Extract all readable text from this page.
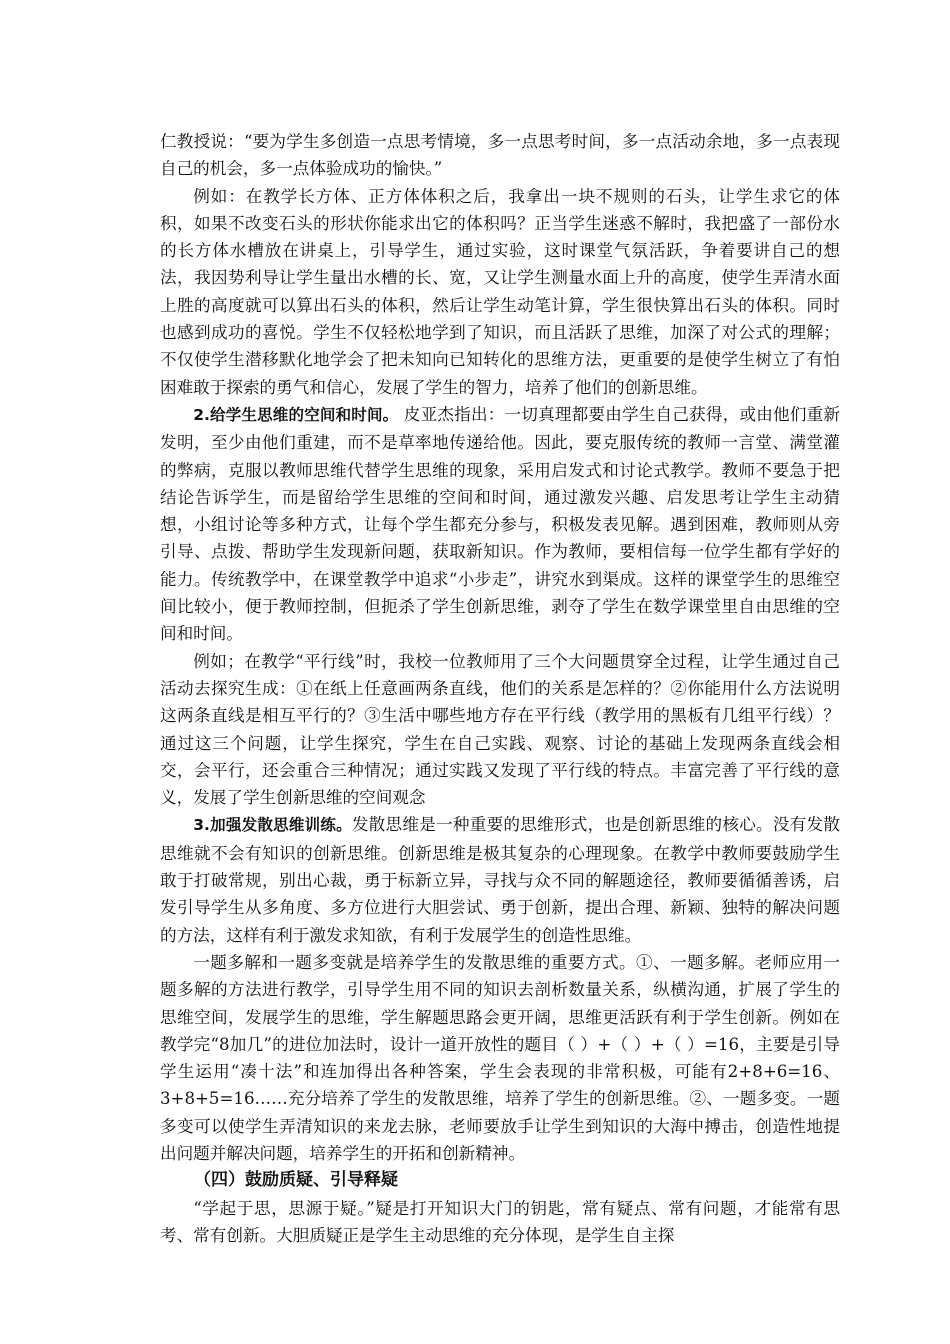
仁教授说：“要为学生多创造一点思考情境，多一点思考时间，多一点活动余地，多一点表现自己的机会，多一点体验成功的愉快。”

例如：在教学长方体、正方体体积之后，我拿出一块不规则的石头，让学生求它的体积，如果不改变石头的形状你能求出它的体积吗？正当学生迷惑不解时，我把盛了一部份水的长方体水槽放在讲桌上，引导学生，通过实验，这时课堂气氛活跃，争着要讲自己的想法，我因势利导让学生量出水槽的长、宽，又让学生测量水面上升的高度，使学生弄清水面上胜的高度就可以算出石头的体积，然后让学生动笔计算，学生很快算出石头的体积。同时也感到成功的喜悦。学生不仅轻松地学到了知识，而且活跃了思维，加深了对公式的理解；不仅使学生潜移默化地学会了把未知向已知转化的思维方法，更重要的是使学生树立了有怕困难敢于探索的勇气和信心，发展了学生的智力，培养了他们的创新思维。

2.给学生思维的空间和时间。 皮亚杰指出：一切真理都要由学生自己获得，或由他们重新发明，至少由他们重建，而不是草率地传递给他。因此，要克服传统的教师一言堂、满堂灌的弊病，克服以教师思维代替学生思维的现象，采用启发式和讨论式教学。教师不要急于把结论告诉学生，而是留给学生思维的空间和时间，通过激发兴趣、启发思考让学生主动猜想，小组讨论等多种方式，让每个学生都充分参与，积极发表见解。遇到困难，教师则从旁引导、点拨、帮助学生发现新问题，获取新知识。作为教师，要相信每一位学生都有学好的能力。传统教学中，在课堂教学中追求“小步走”，讲究水到渠成。这样的课堂学生的思维空间比较小，便于教师控制，但扼杀了学生创新思维，剥夺了学生在数学课堂里自由思维的空间和时间。

例如；在教学“平行线”时，我校一位教师用了三个大问题贯穿全过程，让学生通过自己活动去探究生成：①在纸上任意画两条直线，他们的关系是怎样的？②你能用什么方法说明这两条直线是相互平行的？③生活中哪些地方存在平行线（教学用的黑板有几组平行线）？通过这三个问题，让学生探究，学生在自己实践、观察、讨论的基础上发现两条直线会相交，会平行，还会重合三种情况；通过实践又发现了平行线的特点。丰富完善了平行线的意义，发展了学生创新思维的空间观念

3.加强发散思维训练。发散思维是一种重要的思维形式，也是创新思维的核心。没有发散思维就不会有知识的创新思维。创新思维是极其复杂的心理现象。在教学中教师要鼓励学生敢于打破常规，别出心裁，勇于标新立异，寻找与众不同的解题途径，教师要循循善诱，启发引导学生从多角度、多方位进行大胆尝试、勇于创新，提出合理、新颖、独特的解决问题的方法，这样有利于激发求知欲，有利于发展学生的创造性思维。

一题多解和一题多变就是培养学生的发散思维的重要方式。①、一题多解。老师应用一题多解的方法进行教学，引导学生用不同的知识去剖析数量关系，纵横沟通，扩展了学生的思维空间，发展学生的思维，学生解题思路会更开阔，思维更活跃有利于学生创新。例如在教学完“8加几”的进位加法时，设计一道开放性的题目（ ）+（ ）+（ ）=16，主要是引导学生运用“凑十法”和连加得出各种答案，学生会表现的非常积极，可能有2+8+6=16、3+8+5=16……充分培养了学生的发散思维，培养了学生的创新思维。②、一题多变。一题多变可以使学生弄清知识的来龙去脉，老师要放手让学生到知识的大海中搏击，创造性地提出问题并解决问题，培养学生的开拓和创新精神。

（四）鼓励质疑、引导释疑

“学起于思，思源于疑。”疑是打开知识大门的钥匙，常有疑点、常有问题，才能常有思考、常有创新。大胆质疑正是学生主动思维的充分体现，是学生自主探
